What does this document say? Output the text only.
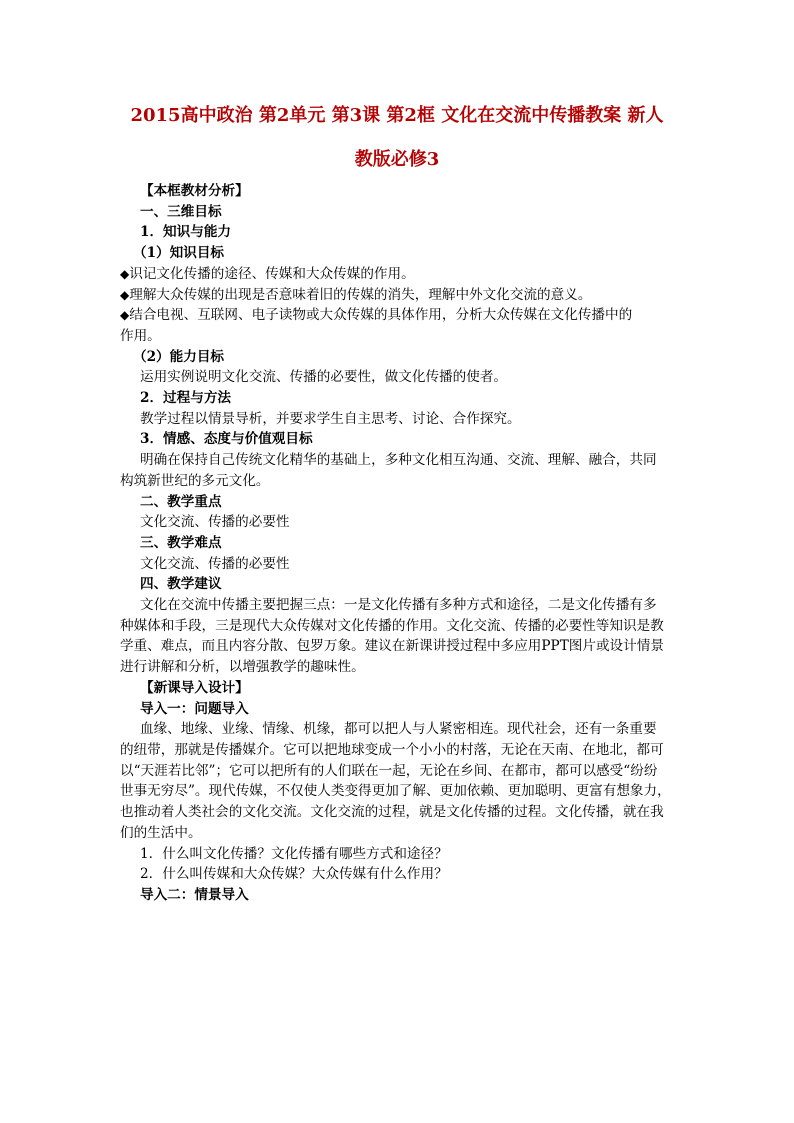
2015高中政治 第2单元 第3课 第2框 文化在交流中传播教案 新人
教版必修3

【本框教材分析】

一、三维目标

1．知识与能力

（1）知识目标

◆识记文化传播的途径、传媒和大众传媒的作用。

◆理解大众传媒的出现是否意味着旧的传媒的消失，理解中外文化交流的意义。

◆结合电视、互联网、电子读物或大众传媒的具体作用，分析大众传媒在文化传播中的

作用。

（2）能力目标

运用实例说明文化交流、传播的必要性，做文化传播的使者。

2．过程与方法

教学过程以情景导析，并要求学生自主思考、讨论、合作探究。

3．情感、态度与价值观目标

明确在保持自己传统文化精华的基础上，多种文化相互沟通、交流、理解、融合，共同

构筑新世纪的多元文化。

二、教学重点

文化交流、传播的必要性

三、教学难点

文化交流、传播的必要性

四、教学建议

文化在交流中传播主要把握三点：一是文化传播有多种方式和途径，二是文化传播有多

种媒体和手段，三是现代大众传媒对文化传播的作用。文化交流、传播的必要性等知识是教

学重、难点，而且内容分散、包罗万象。建议在新课讲授过程中多应用PPT图片或设计情景

进行讲解和分析，以增强教学的趣味性。

【新课导入设计】

导入一：问题导入

血缘、地缘、业缘、情缘、机缘，都可以把人与人紧密相连。现代社会，还有一条重要

的纽带，那就是传播媒介。它可以把地球变成一个小小的村落，无论在天南、在地北，都可

以“天涯若比邻”；它可以把所有的人们联在一起，无论在乡间、在都市，都可以感受“纷纷

世事无穷尽”。现代传媒，不仅使人类变得更加了解、更加依赖、更加聪明、更富有想象力，

也推动着人类社会的文化交流。文化交流的过程，就是文化传播的过程。文化传播，就在我

们的生活中。

1．什么叫文化传播？文化传播有哪些方式和途径？

2．什么叫传媒和大众传媒？大众传媒有什么作用？

导入二：情景导入
